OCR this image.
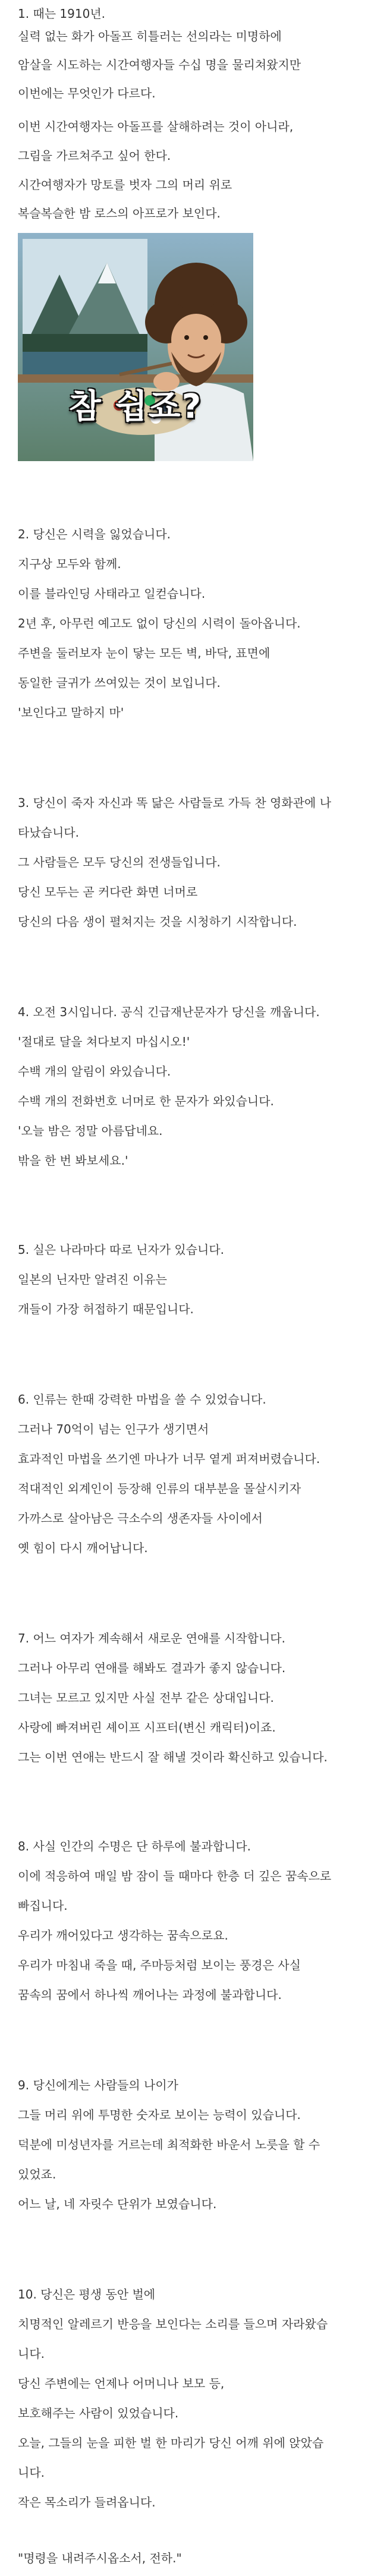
1. 때는 1910년.

실력 없는 화가 아돌프 히틀러는 선의라는 미명하에

암살을 시도하는 시간여행자들 수십 명을 물리쳐왔지만

이번에는 무엇인가 다르다.

이번 시간여행자는 아돌프를 살해하려는 것이 아니라,

그림을 가르쳐주고 싶어 한다.

시간여행자가 망토를 벗자 그의 머리 위로

복슬복슬한 밤 로스의 아프로가 보인다.

2. 당신은 시력을 잃었습니다.

지구상 모두와 함께.

이를 블라인딩 사태라고 일컫습니다.

2년 후, 아무런 예고도 없이 당신의 시력이 돌아옵니다.

주변을 둘러보자 눈이 닿는 모든 벽, 바닥, 표면에

동일한 글귀가 쓰여있는 것이 보입니다.

'보인다고 말하지 마'

3. 당신이 죽자 자신과 똑 닮은 사람들로 가득 찬 영화관에 나

타났습니다.

그 사람들은 모두 당신의 전생들입니다.

당신 모두는 곧 커다란 화면 너머로

당신의 다음 생이 펼쳐지는 것을 시청하기 시작합니다.

4. 오전 3시입니다. 공식 긴급재난문자가 당신을 깨웁니다.

'절대로 달을 쳐다보지 마십시오!'

수백 개의 알림이 와있습니다.

수백 개의 전화번호 너머로 한 문자가 와있습니다.

'오늘 밤은 정말 아름답네요.

밖을 한 번 봐보세요.'

5. 실은 나라마다 따로 닌자가 있습니다.

일본의 닌자만 알려진 이유는

개들이 가장 허접하기 때문입니다.

6. 인류는 한때 강력한 마법을 쓸 수 있었습니다.

그러나 70억이 넘는 인구가 생기면서

효과적인 마법을 쓰기엔 마나가 너무 옅게 퍼져버렸습니다.

적대적인 외계인이 등장해 인류의 대부분을 몰살시키자

가까스로 살아남은 극소수의 생존자들 사이에서

옛 힘이 다시 깨어납니다.

7. 어느 여자가 계속해서 새로운 연애를 시작합니다.

그러나 아무리 연애를 해봐도 결과가 좋지 않습니다.

그녀는 모르고 있지만 사실 전부 같은 상대입니다.

사랑에 빠져버린 셰이프 시프터(변신 캐릭터)이죠.

그는 이번 연애는 반드시 잘 해낼 것이라 확신하고 있습니다.

8. 사실 인간의 수명은 단 하루에 불과합니다.

이에 적응하여 매일 밤 잠이 들 때마다 한층 더 깊은 꿈속으로

빠집니다.

우리가 깨어있다고 생각하는 꿈속으로요.

우리가 마침내 죽을 때, 주마등처럼 보이는 풍경은 사실

꿈속의 꿈에서 하나씩 깨어나는 과정에 불과합니다.

9. 당신에게는 사람들의 나이가

그들 머리 위에 투명한 숫자로 보이는 능력이 있습니다.

덕분에 미성년자를 거르는데 최적화한 바운서 노릇을 할 수

있었죠.

어느 날, 네 자릿수 단위가 보였습니다.

10. 당신은 평생 동안 벌에

치명적인 알레르기 반응을 보인다는 소리를 들으며 자라왔습

니다.

당신 주변에는 언제나 어머니나 보모 등,

보호해주는 사람이 있었습니다.

오늘, 그들의 눈을 피한 벌 한 마리가 당신 어깨 위에 앉았습

니다.

작은 목소리가 들려옵니다.

"명령을 내려주시옵소서, 전하."

참 쉽죠?
